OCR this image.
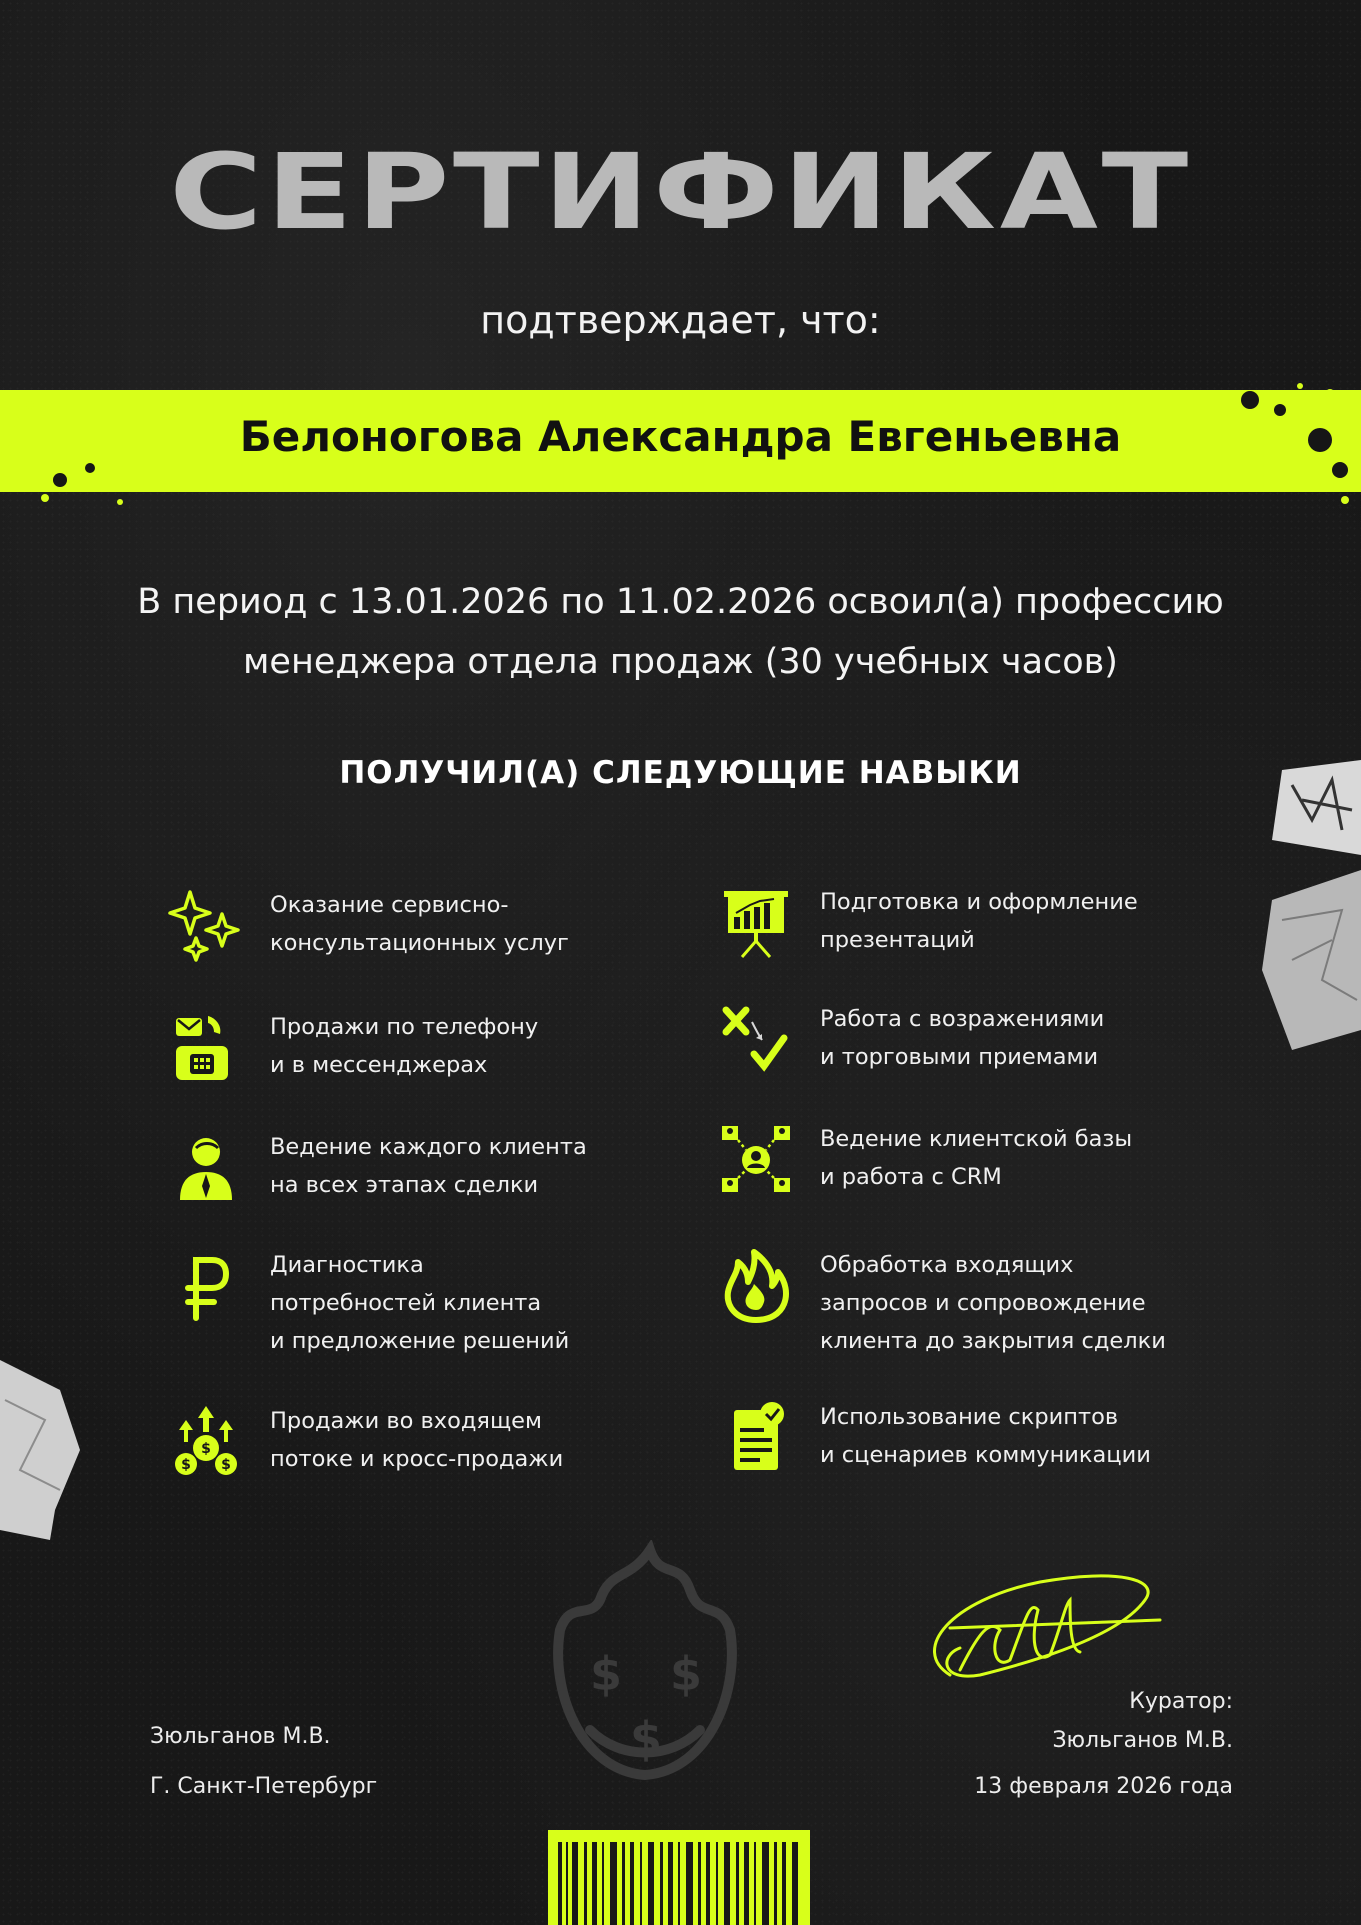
СЕРТИФИКАТ
подтверждает, что:
Белоногова Александра Евгеньевна
В период с 13.01.2026 по 11.02.2026 освоил(а) профессию
менеджера отдела продаж (30 учебных часов)
ПОЛУЧИЛ(А) СЛЕДУЮЩИЕ НАВЫКИ
Оказание сервисно-
консультационных услуг
Продажи по телефону
и в мессенджерах
Ведение каждого клиента
на всех этапах сделки
Диагностика
потребностей клиента
и предложение решений
$
$ $
Продажи во входящем
потоке и кросс-продажи
Подготовка и оформление
презентаций
Работа с возражениями
и торговыми приемами
Ведение клиентской базы
и работа с CRM
Обработка входящих
запросов и сопровождение
клиента до закрытия сделки
Использование скриптов
и сценариев коммуникации
$ $
$
Зюльганов М.В.
Г. Санкт-Петербург
Куратор:
Зюльганов М.В.
13 февраля 2026 года
